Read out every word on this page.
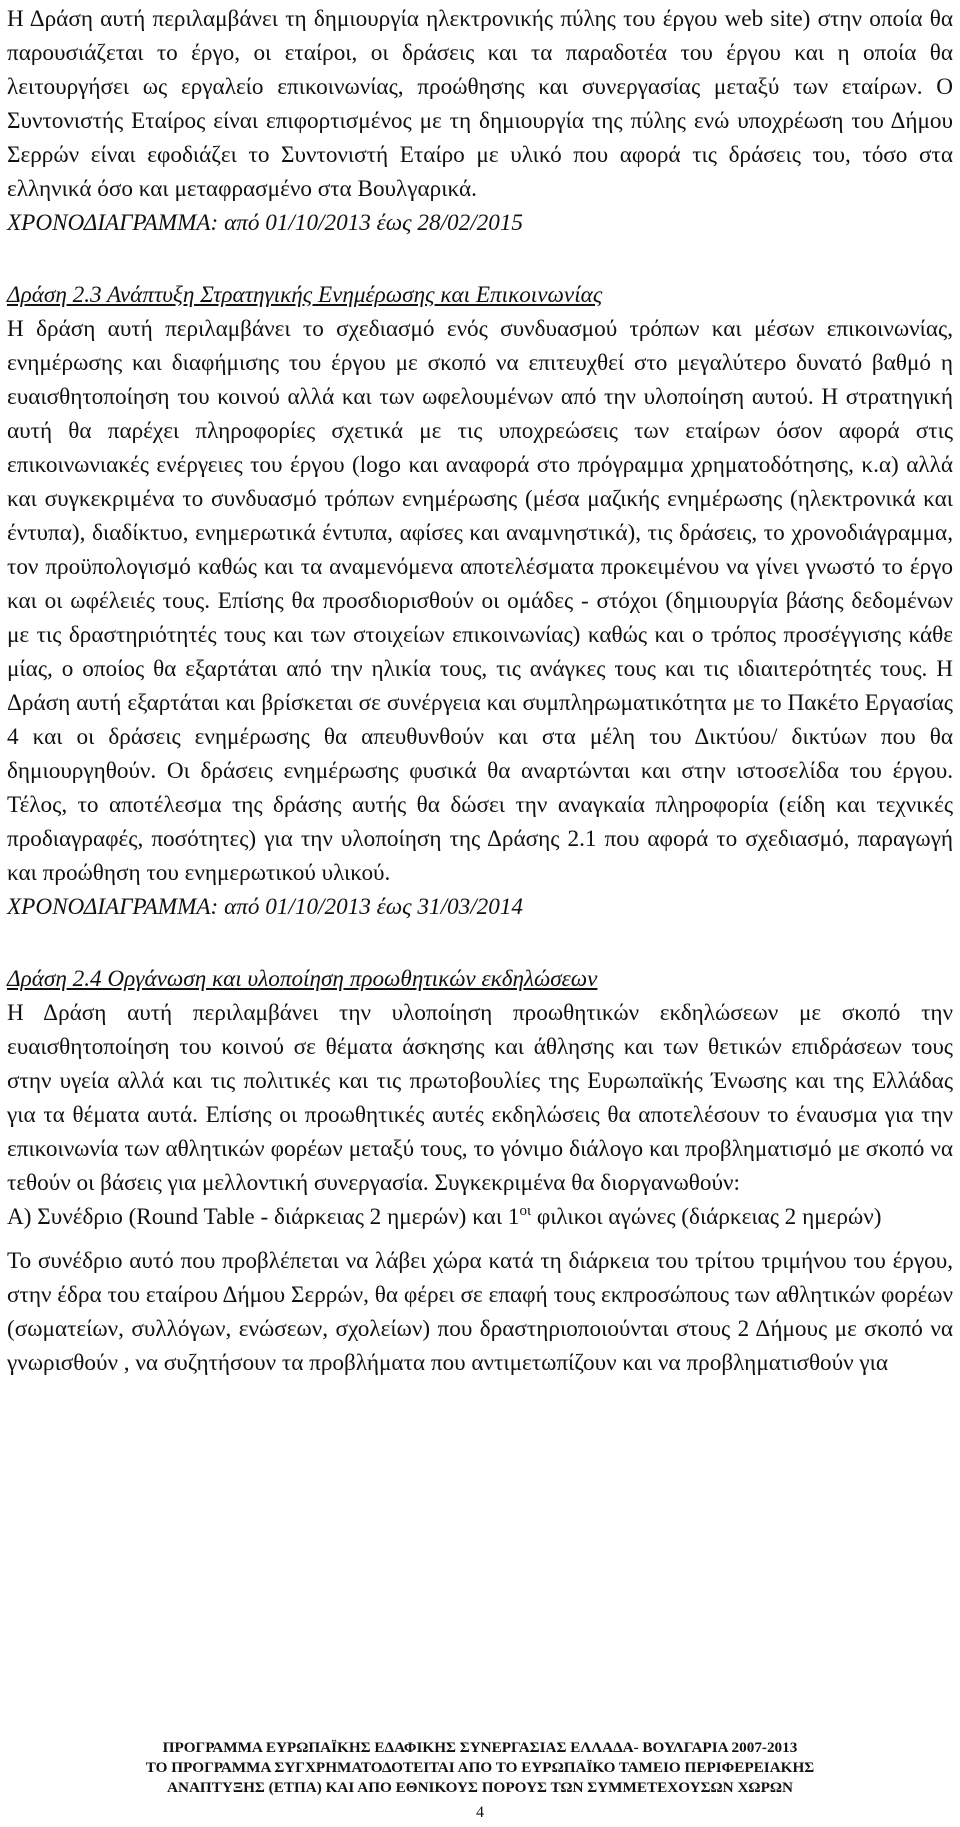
Η Δράση αυτή περιλαμβάνει τη δημιουργία ηλεκτρονικής πύλης του έργου web site) στην οποία θα παρουσιάζεται το έργο, οι εταίροι, οι δράσεις και τα παραδοτέα του έργου και η οποία θα λειτουργήσει ως εργαλείο επικοινωνίας, προώθησης και συνεργασίας μεταξύ των εταίρων. Ο Συντονιστής Εταίρος είναι επιφορτισμένος με τη δημιουργία της πύλης ενώ υποχρέωση του Δήμου Σερρών είναι εφοδιάζει το Συντονιστή Εταίρο με υλικό που αφορά τις δράσεις του, τόσο στα ελληνικά όσο και μεταφρασμένο στα Βουλγαρικά.

ΧΡΟΝΟΔΙΑΓΡΑΜΜΑ: από 01/10/2013 έως 28/02/2015

Δράση 2.3 Ανάπτυξη Στρατηγικής Ενημέρωσης και Επικοινωνίας

Η δράση αυτή περιλαμβάνει το σχεδιασμό ενός συνδυασμού τρόπων και μέσων επικοινωνίας, ενημέρωσης και διαφήμισης του έργου με σκοπό να επιτευχθεί στο μεγαλύτερο δυνατό βαθμό η ευαισθητοποίηση του κοινού αλλά και των ωφελουμένων από την υλοποίηση αυτού. Η στρατηγική αυτή θα παρέχει πληροφορίες σχετικά με τις υποχρεώσεις των εταίρων όσον αφορά στις επικοινωνιακές ενέργειες του έργου (logo και αναφορά στο πρόγραμμα χρηματοδότησης, κ.α) αλλά και συγκεκριμένα το συνδυασμό τρόπων ενημέρωσης (μέσα μαζικής ενημέρωσης (ηλεκτρονικά και έντυπα), διαδίκτυο, ενημερωτικά έντυπα, αφίσες και αναμνηστικά), τις δράσεις, το χρονοδιάγραμμα, τον προϋπολογισμό καθώς και τα αναμενόμενα αποτελέσματα προκειμένου να γίνει γνωστό το έργο και οι ωφέλειές τους. Επίσης θα προσδιορισθούν οι ομάδες - στόχοι (δημιουργία βάσης δεδομένων με τις δραστηριότητές τους και των στοιχείων επικοινωνίας) καθώς και ο τρόπος προσέγγισης κάθε μίας, ο οποίος θα εξαρτάται από την ηλικία τους, τις ανάγκες τους και τις ιδιαιτερότητές τους. Η Δράση αυτή εξαρτάται και βρίσκεται σε συνέργεια και συμπληρωματικότητα με το Πακέτο Εργασίας 4 και οι δράσεις ενημέρωσης θα απευθυνθούν και στα μέλη του Δικτύου/ δικτύων που θα δημιουργηθούν. Οι δράσεις ενημέρωσης φυσικά θα αναρτώνται και στην ιστοσελίδα του έργου. Τέλος, το αποτέλεσμα της δράσης αυτής θα δώσει την αναγκαία πληροφορία (είδη και τεχνικές προδιαγραφές, ποσότητες) για την υλοποίηση της Δράσης 2.1 που αφορά το σχεδιασμό, παραγωγή και προώθηση του ενημερωτικού υλικού.

ΧΡΟΝΟΔΙΑΓΡΑΜΜΑ: από 01/10/2013 έως 31/03/2014

Δράση 2.4 Οργάνωση και υλοποίηση προωθητικών εκδηλώσεων

Η Δράση αυτή περιλαμβάνει την υλοποίηση προωθητικών εκδηλώσεων με σκοπό την ευαισθητοποίηση του κοινού σε θέματα άσκησης και άθλησης και των θετικών επιδράσεων τους στην υγεία αλλά και τις πολιτικές και τις πρωτοβουλίες της Ευρωπαϊκής Ένωσης και της Ελλάδας για τα θέματα αυτά. Επίσης οι προωθητικές αυτές εκδηλώσεις θα αποτελέσουν το έναυσμα για την επικοινωνία των αθλητικών φορέων μεταξύ τους, το γόνιμο διάλογο και προβληματισμό με σκοπό να τεθούν οι βάσεις για μελλοντική συνεργασία. Συγκεκριμένα θα διοργανωθούν:

Α) Συνέδριο (Round Table - διάρκειας 2 ημερών) και $1^{o\iota}$ φιλικοι αγώνες (διάρκειας 2 ημερών)

Το συνέδριο αυτό που προβλέπεται να λάβει χώρα κατά τη διάρκεια του τρίτου τριμήνου του έργου, στην έδρα του εταίρου Δήμου Σερρών, θα φέρει σε επαφή τους εκπροσώπους των αθλητικών φορέων (σωματείων, συλλόγων, ενώσεων, σχολείων) που δραστηριοποιούνται στους 2 Δήμους με σκοπό να γνωρισθούν , να συζητήσουν τα προβλήματα που αντιμετωπίζουν και να προβληματισθούν για

ΠΡΟΓΡΑΜΜΑ ΕΥΡΩΠΑΪΚΗΣ ΕΔΑΦΙΚΗΣ ΣΥΝΕΡΓΑΣΙΑΣ ΕΛΛΑΔΑ- ΒΟΥΛΓΑΡΙΑ 2007-2013
ΤΟ ΠΡΟΓΡΑΜΜΑ ΣΥΓΧΡΗΜΑΤΟΔΟΤΕΙΤΑΙ ΑΠΟ ΤΟ ΕΥΡΩΠΑΪΚΟ ΤΑΜΕΙΟ ΠΕΡΙΦΕΡΕΙΑΚΗΣ
ΑΝΑΠΤΥΞΗΣ (ΕΤΠΑ) ΚΑΙ ΑΠΟ ΕΘΝΙΚΟΥΣ ΠΟΡΟΥΣ ΤΩΝ ΣΥΜΜΕΤΕΧΟΥΣΩΝ ΧΩΡΩΝ
4
